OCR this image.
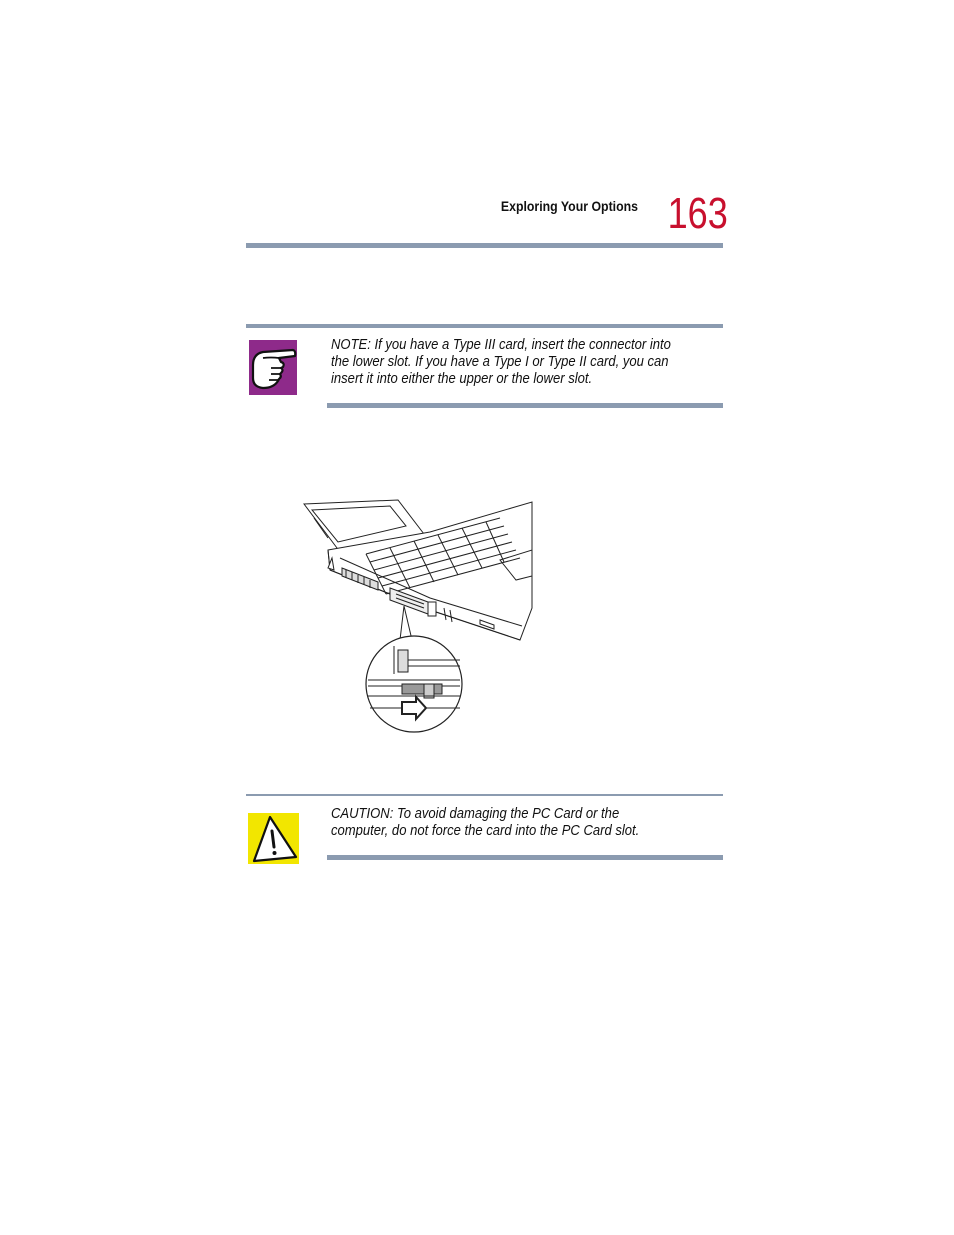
Exploring Your Options 163
NOTE: If you have a Type III card, insert the connector into the lower slot. If you have a Type I or Type II card, you can insert it into either the upper or the lower slot.
CAUTION: To avoid damaging the PC Card or the computer, do not force the card into the PC Card slot.
